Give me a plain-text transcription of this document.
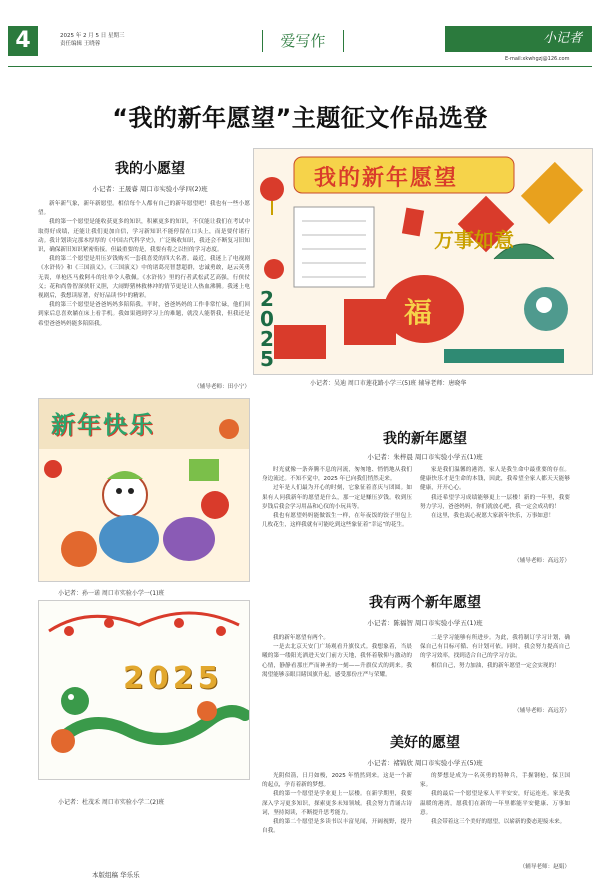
4	2025 年 2 月 5 日 星期三
责任编辑 王晓蓉	爱写作	小记者
E-mail:xkwhgzj@126.com
“我的新年愿望”主题征文作品选登
我的小愿望
小记者：王晟睿 周口市实验小学四(2)班

新年新气象，新年新愿望。相信每个人都有自己的新年愿望吧！我也有一些小愿望。

我的第一个愿望是能收获更多的知识，积累更多的知识，不仅能让我们在考试中取得好成绩，还能让我们更加自信，学习新知识不能停留在口头上，而是要付诸行动。我计划读完那本厚厚的《中国古代科学史》，广泛吸收知识，我还会不断复习旧知识，确保新旧知识紧密衔接。但最重要的是，我要有将之以恒的学习态度。

我的第二个愿望是用压岁钱购买一套我喜爱的四大名著。最近，我迷上了电视剧《水浒传》和《三国演义》。《三国演义》中的诸葛亮智慧超群，忠诚勇敢，赵云英勇无畏，单枪匹马救阿斗的壮举令人敬佩。《水浒传》里的行者武松武艺高强，行侠仗义；花和尚鲁智深侠肝义胆，大闹野猪林救林冲的情节更是让人热血沸腾。我迷上电视剧后，我想读原著，好好品读书中的精彩。

我的第三个愿望是爸爸妈妈多陪陪我。平时，爸爸妈妈的工作非常忙碌，他们回到家后总喜欢躺在床上看手机。我如果遇到学习上的难题，就没人能帮我，但我还是希望爸爸妈妈能多陪陪我。

（辅导老师：田小宁）
我的新年愿望
万事如意
2025
福
小记者：吴迪 周口市莲花路小学三(5)班 辅导老师：唐晓华
新年快乐
小记者：孙一诺 周口市实验小学一(1)班
2025
小记者：杜茂禾 周口市实验小学二(2)班
我的新年愿望
小记者：朱梓晨 周口市实验小学五(1)班

时光就像一条奔腾不息的河流，匆匆地、悄悄地从我们身边流过。不知不觉中，2025 年已向我们悄然走来。

过年是人们最为开心的时刻，它象征着喜庆与团圆。如果有人问我新年的愿望是什么，那一定是赚压岁钱。收到压岁钱后我会学习用品和心仪的小玩具等。

我也有愿望妈妈能做饭生一样，在年夜饭的饺子里包上几枚花生，这样我就有可能吃到这些象征着“幸运”的花生。

家是我们温馨的港湾，家人是我生命中最重要的存在。健康快乐才是生命的本钱，因此，我希望全家人都天天能够健康，开开心心。

我还希望学习成绩能够更上一层楼！新的一年里，我要努力学习，爸爸妈妈，你们就放心吧，我一定会成功的！

在这里，我也衷心祝愿大家新年快乐，万事如意！

（辅导老师：高远芳）
我有两个新年愿望
小记者：陈福智 周口市实验小学五(1)班

我的新年愿望有两个。

一是去北京天安门广场观看升旗仪式。我想象着，当晨曦的第一缕阳光洒进天安门前方天地，我怀着敬仰与激动的心情，静静看那庄严而神圣的一刻——升旗仪式的到来。我渴望能够亲眼目睹国旗升起，感受那份庄严与荣耀。

二是学习能够有所进步。为此，我将制订学习计划，确保自己有目标可循、有计划可依。同时，我会努力提高自己的学习效率，找到适合自己的学习方法。

相信自己，努力加油，我的新年愿望一定会实现的！

（辅导老师：高远芳）
美好的愿望
小记者：褚锦欣 周口市实验小学五(5)班

光阴似箭，日月如梭，2025 年悄然到来。这是一个新的起点，孕育着新的梦想。

我的第一个愿望是学业更上一层楼。在新学期里，我要深入学习更多知识，探索更多未知领域。我会努力背诵古诗词，坚持阅读，不断提升思考能力。

我的第二个愿望是多读书以丰富见闻，开阔视野，提升自我。

的梦想是成为一名英勇的特种兵，手握钢枪，保卫国家。

我的最后一个愿望是家人平平安安，好运连连。家是我温暖的港湾，愿我们在新的一年里都能平安健康、万事如意。

我会带着这三个美好的愿望，以崭新的姿态迎接未来。

（辅导老师：赵娟）
本版组稿 华乐乐
